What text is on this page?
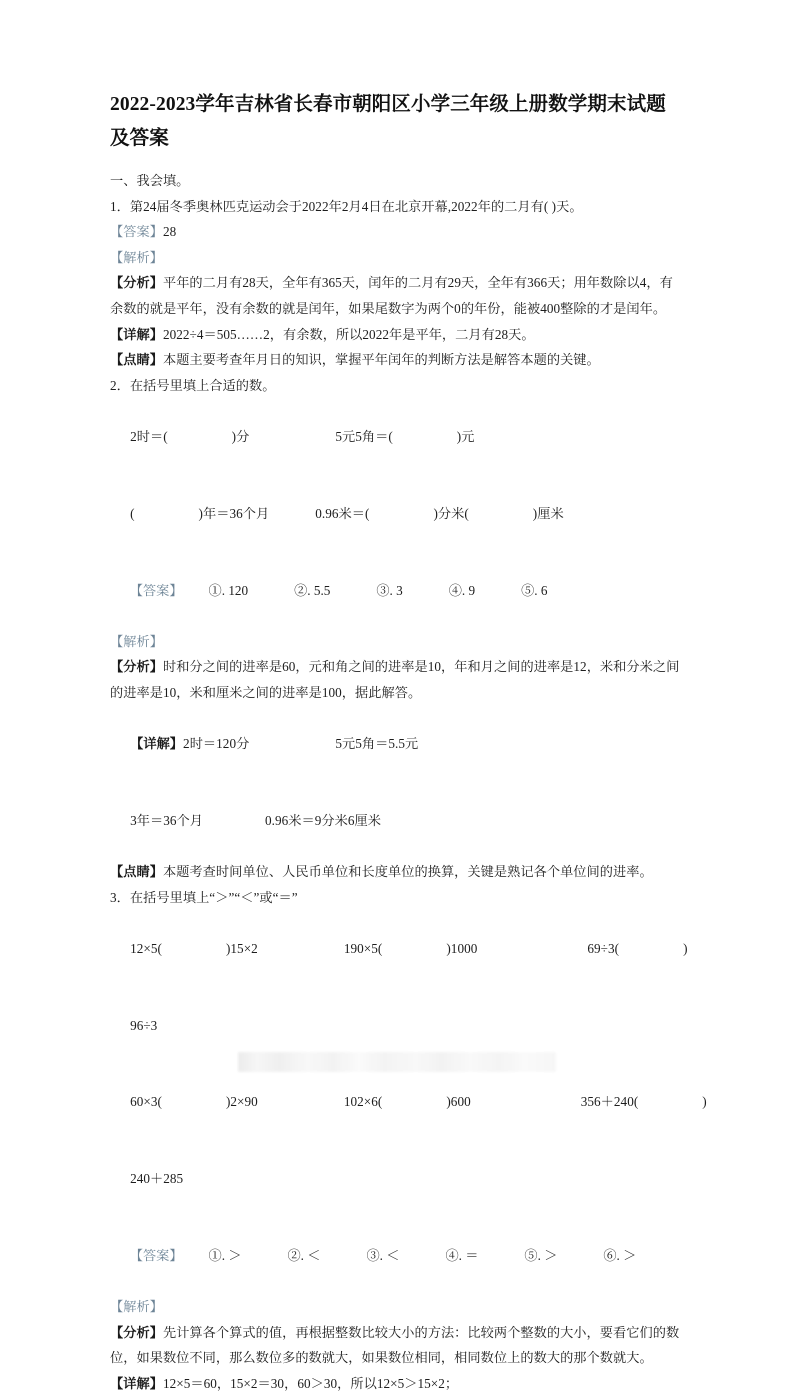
2022-2023学年吉林省长春市朝阳区小学三年级上册数学期末试题及答案

一、我会填。

1．第24届冬季奥林匹克运动会于2022年2月4日在北京开幕,2022年的二月有( )天。

【答案】28

【解析】

【分析】平年的二月有28天，全年有365天，闰年的二月有29天，全年有366天；用年数除以4，有余数的就是平年，没有余数的就是闰年，如果尾数字为两个0的年份，能被400整除的才是闰年。

【详解】2022÷4＝505……2，有余数，所以2022年是平年，二月有28天。

【点睛】本题主要考查年月日的知识，掌握平年闰年的判断方法是解答本题的关键。

2．在括号里填上合适的数。

2时＝(	)分	5元5角＝(	)元

(	)年＝36个月	0.96米＝(	)分米(	)厘米

【答案】 ①. 120	②. 5.5	③. 3	④. 9	⑤. 6

【解析】

【分析】时和分之间的进率是60，元和角之间的进率是10，年和月之间的进率是12，米和分米之间的进率是10，米和厘米之间的进率是100，据此解答。

【详解】2时＝120分	5元5角＝5.5元

3年＝36个月	0.96米＝9分米6厘米

【点睛】本题考查时间单位、人民币单位和长度单位的换算，关键是熟记各个单位间的进率。

3．在括号里填上“＞”“＜”或“＝”

12×5(	)15×2	190×5(	)1000	69÷3(	)

96÷3

60×3(	)2×90	102×6(	)600	356＋240(	)

240＋285

【答案】 ①. ＞	②. ＜	③. ＜	④. ＝	⑤. ＞	⑥. ＞

【解析】

【分析】先计算各个算式的值，再根据整数比较大小的方法：比较两个整数的大小，要看它们的数位，如果数位不同，那么数位多的数就大，如果数位相同，相同数位上的数大的那个数就大。

【详解】12×5＝60，15×2＝30，60＞30，所以12×5＞15×2；
